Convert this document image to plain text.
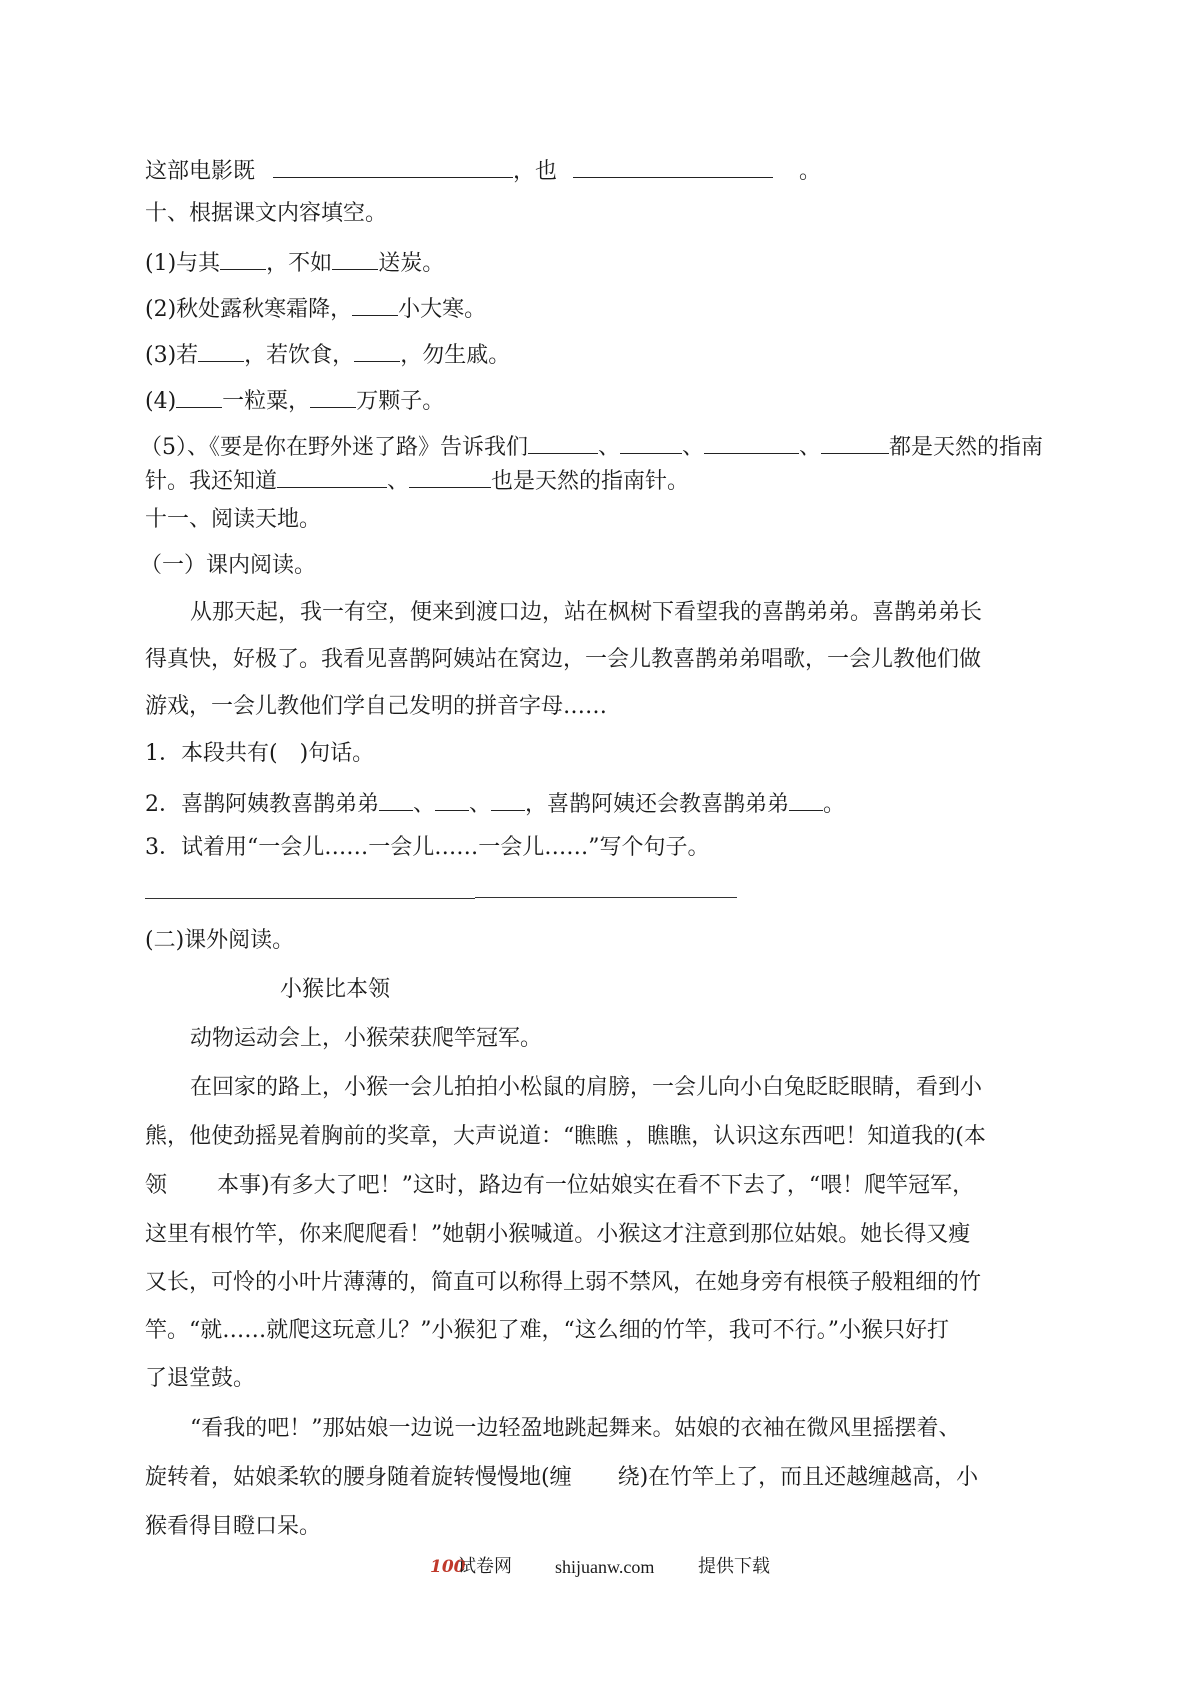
这部电影既	，也	。
十、根据课文内容填空。
(1)与其 ，不如 送炭。
(2)秋处露秋寒霜降， 小大寒。
(3)若 ，若饮食， ，勿生戚。
(4) 一粒粟， 万颗子。
（5）、《要是你在野外迷了路》告诉我们	、	、	、	都是天然的指南
针。我还知道	、	也是天然的指南针。
十一、阅读天地。
（一）课内阅读。
从那天起，我一有空，便来到渡口边，站在枫树下看望我的喜鹊弟弟。喜鹊弟弟长
得真快，好极了。我看见喜鹊阿姨站在窝边，一会儿教喜鹊弟弟唱歌，一会儿教他们做
游戏，一会儿教他们学自己发明的拼音字母……
1．本段共有(　)句话。
2．喜鹊阿姨教喜鹊弟弟 、 、 ，喜鹊阿姨还会教喜鹊弟弟 。
3．试着用“一会儿……一会儿……一会儿……”写个句子。
(二)课外阅读。
小猴比本领
动物运动会上，小猴荣获爬竿冠军。
在回家的路上，小猴一会儿拍拍小松鼠的肩膀，一会儿向小白兔眨眨眼睛，看到小
熊，他使劲摇晃着胸前的奖章，大声说道：“瞧瞧 ，瞧瞧，认识这东西吧！知道我的(本
领 本事)有多大了吧！”这时，路边有一位姑娘实在看不下去了，“喂！爬竿冠军，
这里有根竹竿，你来爬爬看！”她朝小猴喊道。小猴这才注意到那位姑娘。她长得又瘦
又长，可怜的小叶片薄薄的，简直可以称得上弱不禁风，在她身旁有根筷子般粗细的竹
竿。“就……就爬这玩意儿？”小猴犯了难，“这么细的竹竿，我可不行。”小猴只好打
了退堂鼓。
“看我的吧！”那姑娘一边说一边轻盈地跳起舞来。姑娘的衣袖在微风里摇摆着、
旋转着，姑娘柔软的腰身随着旋转慢慢地(缠 绕)在竹竿上了，而且还越缠越高，小
猴看得目瞪口呆。
100
试卷网 shijuanw.com 提供下载
